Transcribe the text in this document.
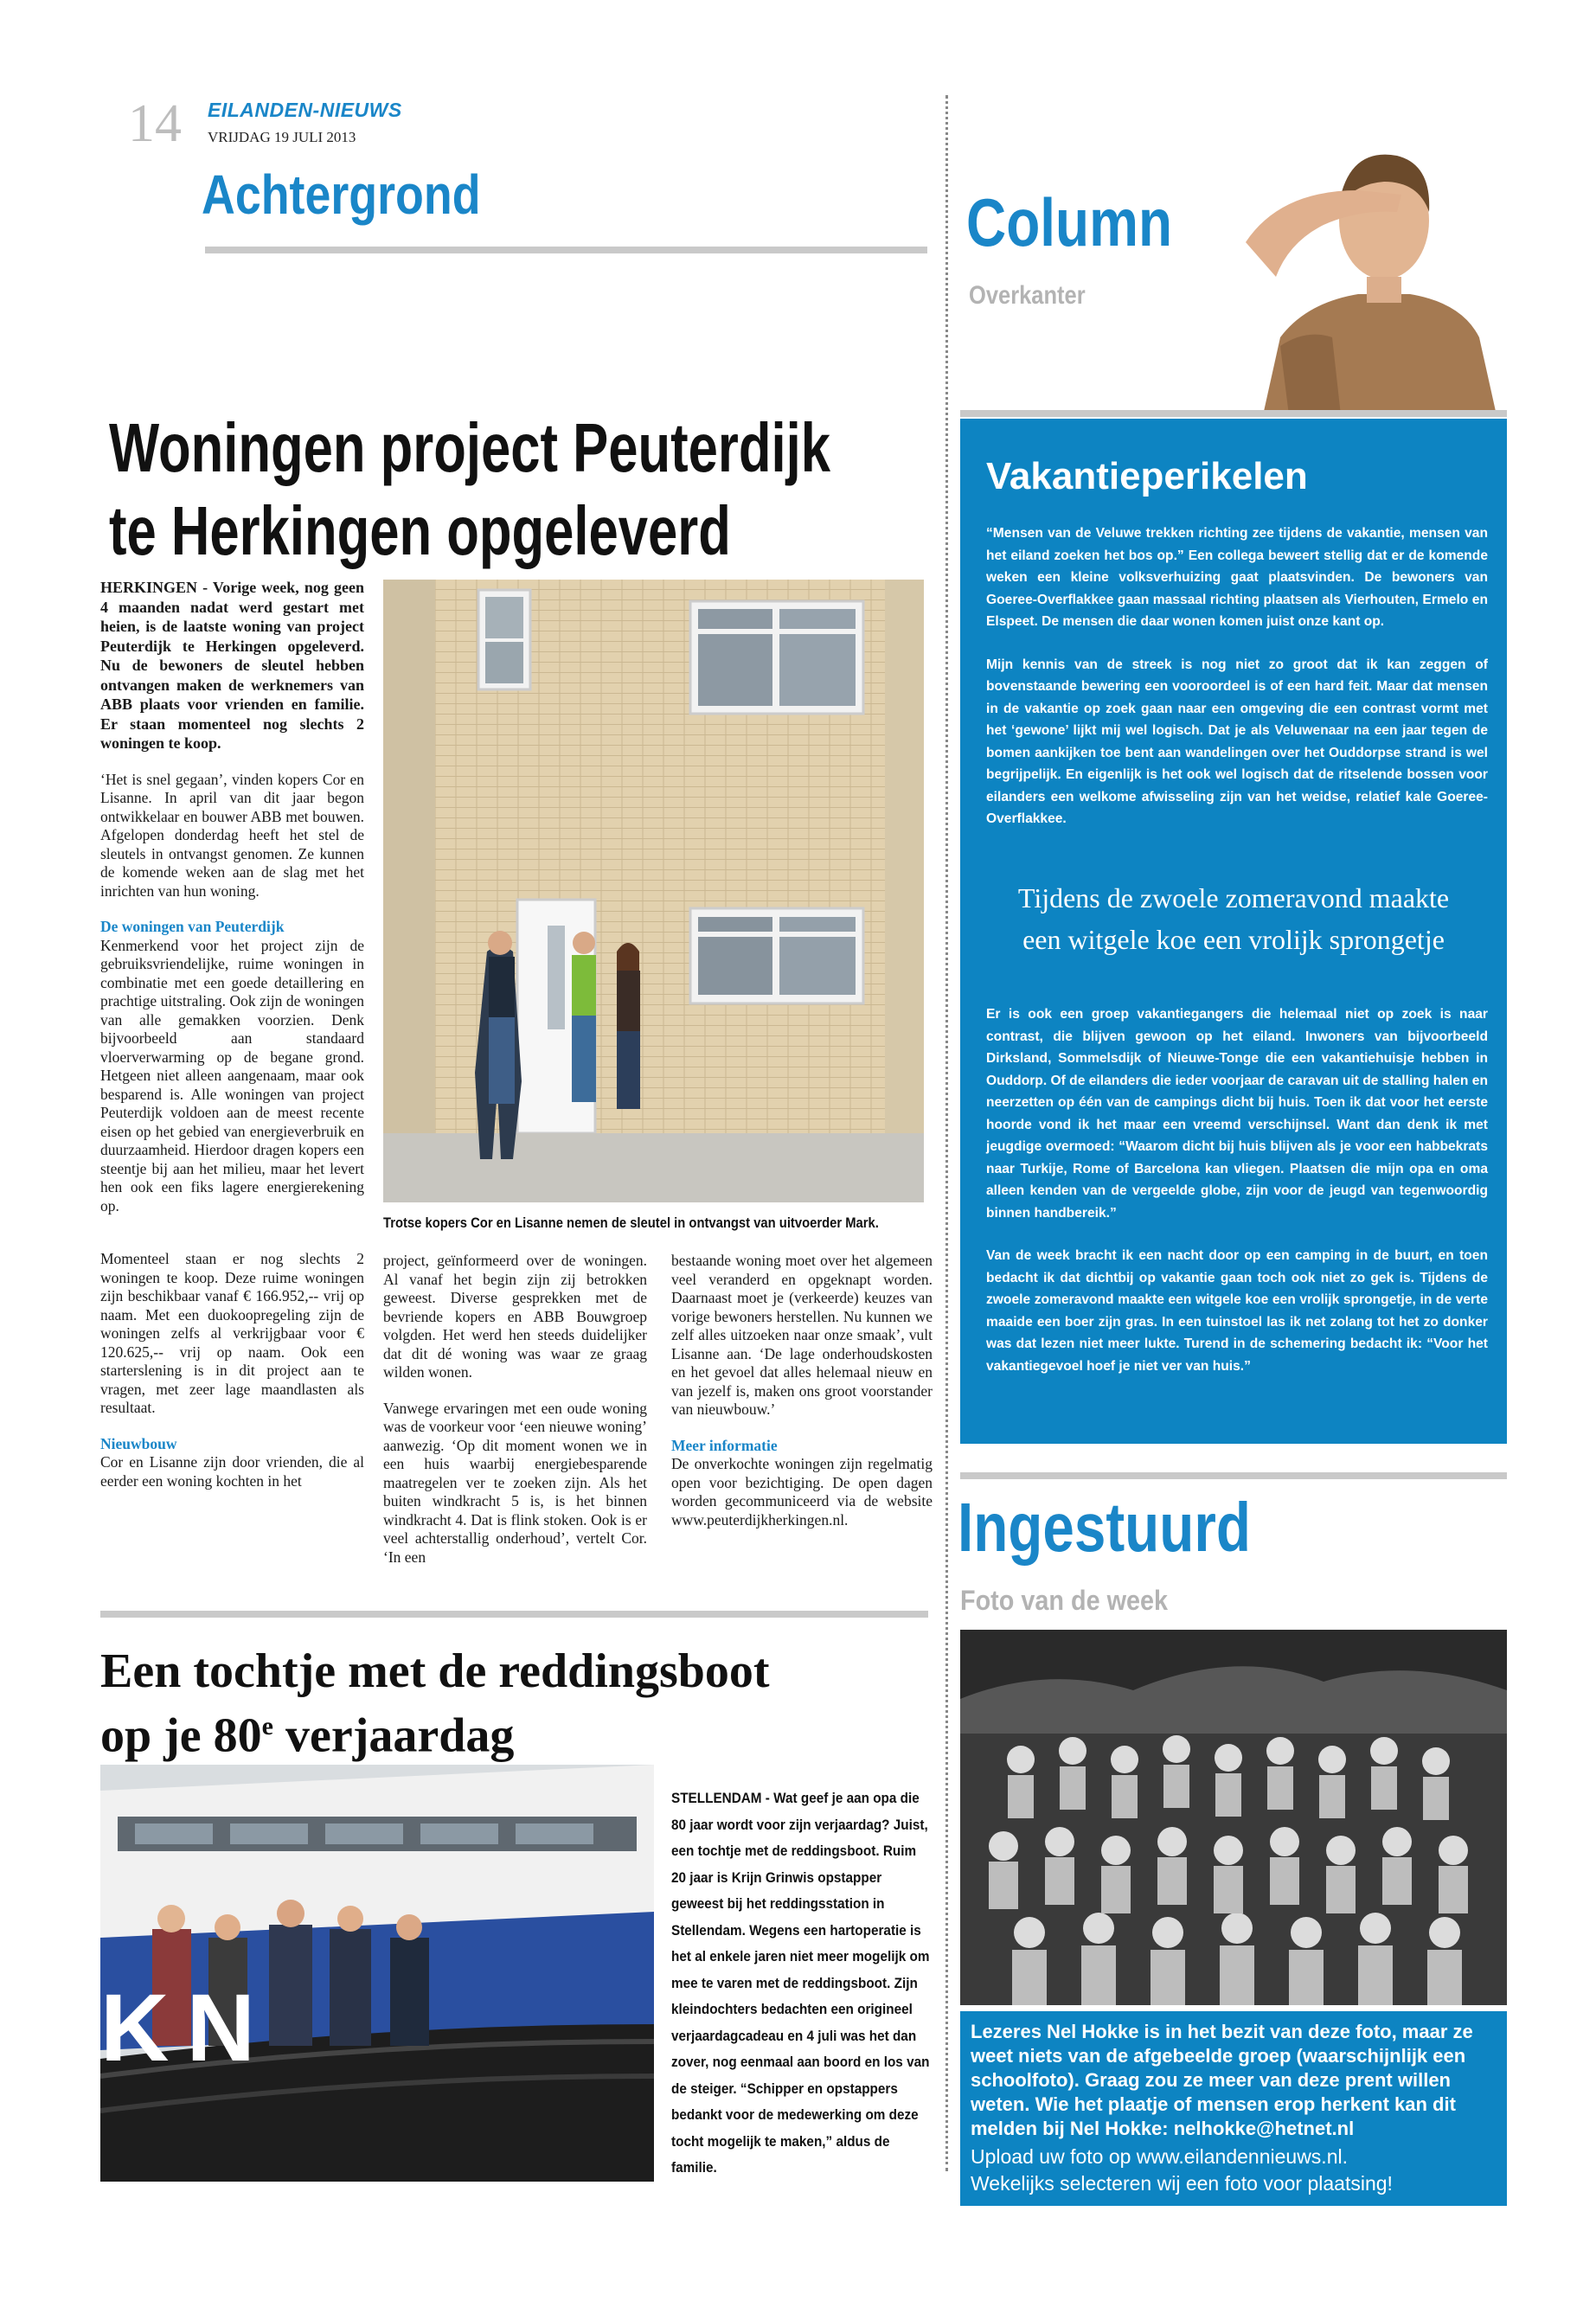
14 EILANDEN-NIEUWS
VRIJDAG 19 JULI 2013
Achtergrond	Column
Overkanter
Woningen project Peuterdijk
te Herkingen opgeleverd

HERKINGEN - Vorige week, nog geen 4 maanden nadat werd gestart met heien, is de laatste woning van project Peuterdijk te Herkingen opgeleverd. Nu de bewoners de sleutel hebben ontvangen maken de werknemers van ABB plaats voor vrienden en familie. Er staan momenteel nog slechts 2 woningen te koop.

‘Het is snel gegaan’, vinden kopers Cor en Lisanne. In april van dit jaar begon ontwikkelaar en bouwer ABB met bouwen. Afgelopen donderdag heeft het stel de sleutels in ontvangst genomen. Ze kunnen de komende weken aan de slag met het inrichten van hun woning.

De woningen van Peuterdijk

Kenmerkend voor het project zijn de gebruiksvriendelijke, ruime woningen in combinatie met een goede detaillering en prachtige uitstraling. Ook zijn de woningen van alle gemakken voorzien. Denk bijvoorbeeld aan standaard vloerverwarming op de begane grond. Hetgeen niet alleen aangenaam, maar ook besparend is. Alle woningen van project Peuterdijk voldoen aan de meest recente eisen op het gebied van energieverbruik en duurzaamheid. Hierdoor dragen kopers een steentje bij aan het milieu, maar het levert hen ook een fiks lagere energierekening op.

Momenteel staan er nog slechts 2 woningen te koop. Deze ruime woningen zijn beschikbaar vanaf € 166.952,-- vrij op naam. Met een duokoopregeling zijn de woningen zelfs al verkrijgbaar voor € 120.625,-- vrij op naam. Ook een starterslening is in dit project aan te vragen, met zeer lage maandlasten als resultaat.

Nieuwbouw

Cor en Lisanne zijn door vrienden, die al eerder een woning kochten in het

Trotse kopers Cor en Lisanne nemen de sleutel in ontvangst van uitvoerder Mark.

project, geïnformeerd over de woningen. Al vanaf het begin zijn zij betrokken geweest. Diverse gesprekken met de bevriende kopers en ABB Bouwgroep volgden. Het werd hen steeds duidelijker dat dit dé woning was waar ze graag wilden wonen.

Vanwege ervaringen met een oude woning was de voorkeur voor ‘een nieuwe woning’ aanwezig. ‘Op dit moment wonen we in een huis waarbij energiebesparende maatregelen ver te zoeken zijn. Als het buiten windkracht 5 is, is het binnen windkracht 4. Dat is flink stoken. Ook is er veel achterstallig onderhoud’, vertelt Cor. ‘In een

bestaande woning moet over het algemeen veel veranderd en opgeknapt worden. Daarnaast moet je (verkeerde) keuzes van vorige bewoners herstellen. Nu kunnen we zelf alles uitzoeken naar onze smaak’, vult Lisanne aan. ‘De lage onderhoudskosten en het gevoel dat alles helemaal nieuw en van jezelf is, maken ons groot voorstander van nieuwbouw.’

Meer informatie

De onverkochte woningen zijn regelmatig open voor bezichtiging. De open dagen worden gecommuniceerd via de website www.peuterdijkherkingen.nl.

Een tochtje met de reddingsboot
op je 80e verjaardag
KN
STELLENDAM - Wat geef je aan opa die 80 jaar wordt voor zijn verjaardag? Juist, een tochtje met de reddingsboot. Ruim 20 jaar is Krijn Grinwis opstapper geweest bij het reddingsstation in Stellendam. Wegens een hartoperatie is het al enkele jaren niet meer mogelijk om mee te varen met de reddingsboot. Zijn kleindochters bedachten een origineel verjaardagcadeau en 4 juli was het dan zover, nog eenmaal aan boord en los van de steiger. “Schipper en opstappers bedankt voor de medewerking om deze tocht mogelijk te maken,” aldus de familie.
Vakantieperikelen

“Mensen van de Veluwe trekken richting zee tijdens de vakantie, mensen van het eiland zoeken het bos op.” Een collega beweert stellig dat er de komende weken een kleine volksverhuizing gaat plaatsvinden. De bewoners van Goeree-Overflakkee gaan massaal richting plaatsen als Vierhouten, Ermelo en Elspeet. De mensen die daar wonen komen juist onze kant op.

Mijn kennis van de streek is nog niet zo groot dat ik kan zeggen of bovenstaande bewering een vooroordeel is of een hard feit. Maar dat mensen in de vakantie op zoek gaan naar een omgeving die een contrast vormt met het ‘gewone’ lijkt mij wel logisch. Dat je als Veluwenaar na een jaar tegen de bomen aankijken toe bent aan wandelingen over het Ouddorpse strand is wel begrijpelijk. En eigenlijk is het ook wel logisch dat de ritselende bossen voor eilanders een welkome afwisseling zijn van het weidse, relatief kale Goeree-Overflakkee.

Tijdens de zwoele zomeravond maakte
een witgele koe een vrolijk sprongetje

Er is ook een groep vakantiegangers die helemaal niet op zoek is naar contrast, die blijven gewoon op het eiland. Inwoners van bijvoorbeeld Dirksland, Sommelsdijk of Nieuwe-Tonge die een vakantiehuisje hebben in Ouddorp. Of de eilanders die ieder voorjaar de caravan uit de stalling halen en neerzetten op één van de campings dicht bij huis. Toen ik dat voor het eerste hoorde vond ik het maar een vreemd verschijnsel. Want dan denk ik met jeugdige overmoed: “Waarom dicht bij huis blijven als je voor een habbekrats naar Turkije, Rome of Barcelona kan vliegen. Plaatsen die mijn opa en oma alleen kenden van de vergeelde globe, zijn voor de jeugd van tegenwoordig binnen handbereik.”

Van de week bracht ik een nacht door op een camping in de buurt, en toen bedacht ik dat dichtbij op vakantie gaan toch ook niet zo gek is. Tijdens de zwoele zomeravond maakte een witgele koe een vrolijk sprongetje, in de verte maaide een boer zijn gras. In een tuinstoel las ik net zolang tot het zo donker was dat lezen niet meer lukte. Turend in de schemering bedacht ik: “Voor het vakantiegevoel hoef je niet ver van huis.”

Ingestuurd
Foto van de week
Lezeres Nel Hokke is in het bezit van deze foto, maar ze weet niets van de afgebeelde groep (waarschijnlijk een schoolfoto). Graag zou ze meer van deze prent willen weten. Wie het plaatje of mensen erop herkent kan dit melden bij Nel Hokke: nelhokke@hetnet.nl
Upload uw foto op www.eilandennieuws.nl.
Wekelijks selecteren wij een foto voor plaatsing!
